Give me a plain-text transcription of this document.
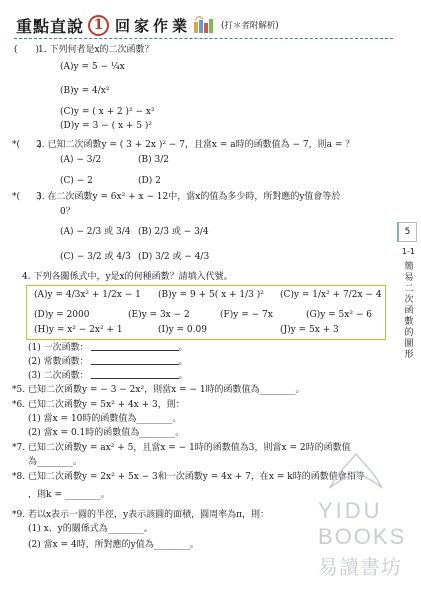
重點直說 1 回家作業	(打＊者附解析)
(　　)1. 下列何者是x的二次函數？
(A)y = 5 − ¼x
(B)y = 4/x²
(C)y = ( x + 2 )² − x²
(D)y = 3 − ( x + 5 )²
*(　　)2. 已知二次函數y = ( 3 + 2x )² − 7，且當x = a時的函數值為 − 7，則a = ？
(A) − 3/2	(B) 3/2
(C) − 2	(D) 2
*(　　)3. 在二次函數y = 6x² + x − 12中，當x的值為多少時，所對應的y值會等於
0？
(A) − 2/3 或 3/4 (B) 2/3 或 − 3/4
(C) − 3/2 或 4/3 (D) 3/2 或 − 4/3
4. 下列各關係式中，y是x的何種函數？請填入代號。
(A)y = 4/3x² + 1/2x − 1 (B)y = 9 + 5( x + 1/3 )² (C)y = 1/x² + 7/2x − 4
(D)y = 2000	(E)y = 3x − 2	(F)y = − 7x	(G)y = 5x² − 6
(H)y = x² − 2x² + 1	(I)y = 0.09	(J)y = 5x + 3
(1) 一次函數：	。
(2) 常數函數：	。
(3) 二次函數：	。
*5. 已知二次函數y = − 3 − 2x²，則當x = − 1時的函數值為________。
*6. 已知二次函數y = 5x² + 4x + 3，則：
(1) 當x = 10時的函數值為________。
(2) 當x = 0.1時的函數值為________。
*7. 已知二次函數y = ax² + 5，且當x = − 1時的函數值為3，則當x = 2時的函數值
為________。
*8. 已知二次函數y = 2x² + 5x − 3和一次函數y = 4x + 7，在x = k時的函數值會相等
，則k = ________。
*9. 若以x表示一圓的半徑，y表示該圓的面積，圓周率為π，則：
(1) x、y的關係式為________。
(2) 當x = 4時，所對應的y值為________。
5
1-1
簡易二次函數的圖形
YIDU
BOOKS
易讀書坊
